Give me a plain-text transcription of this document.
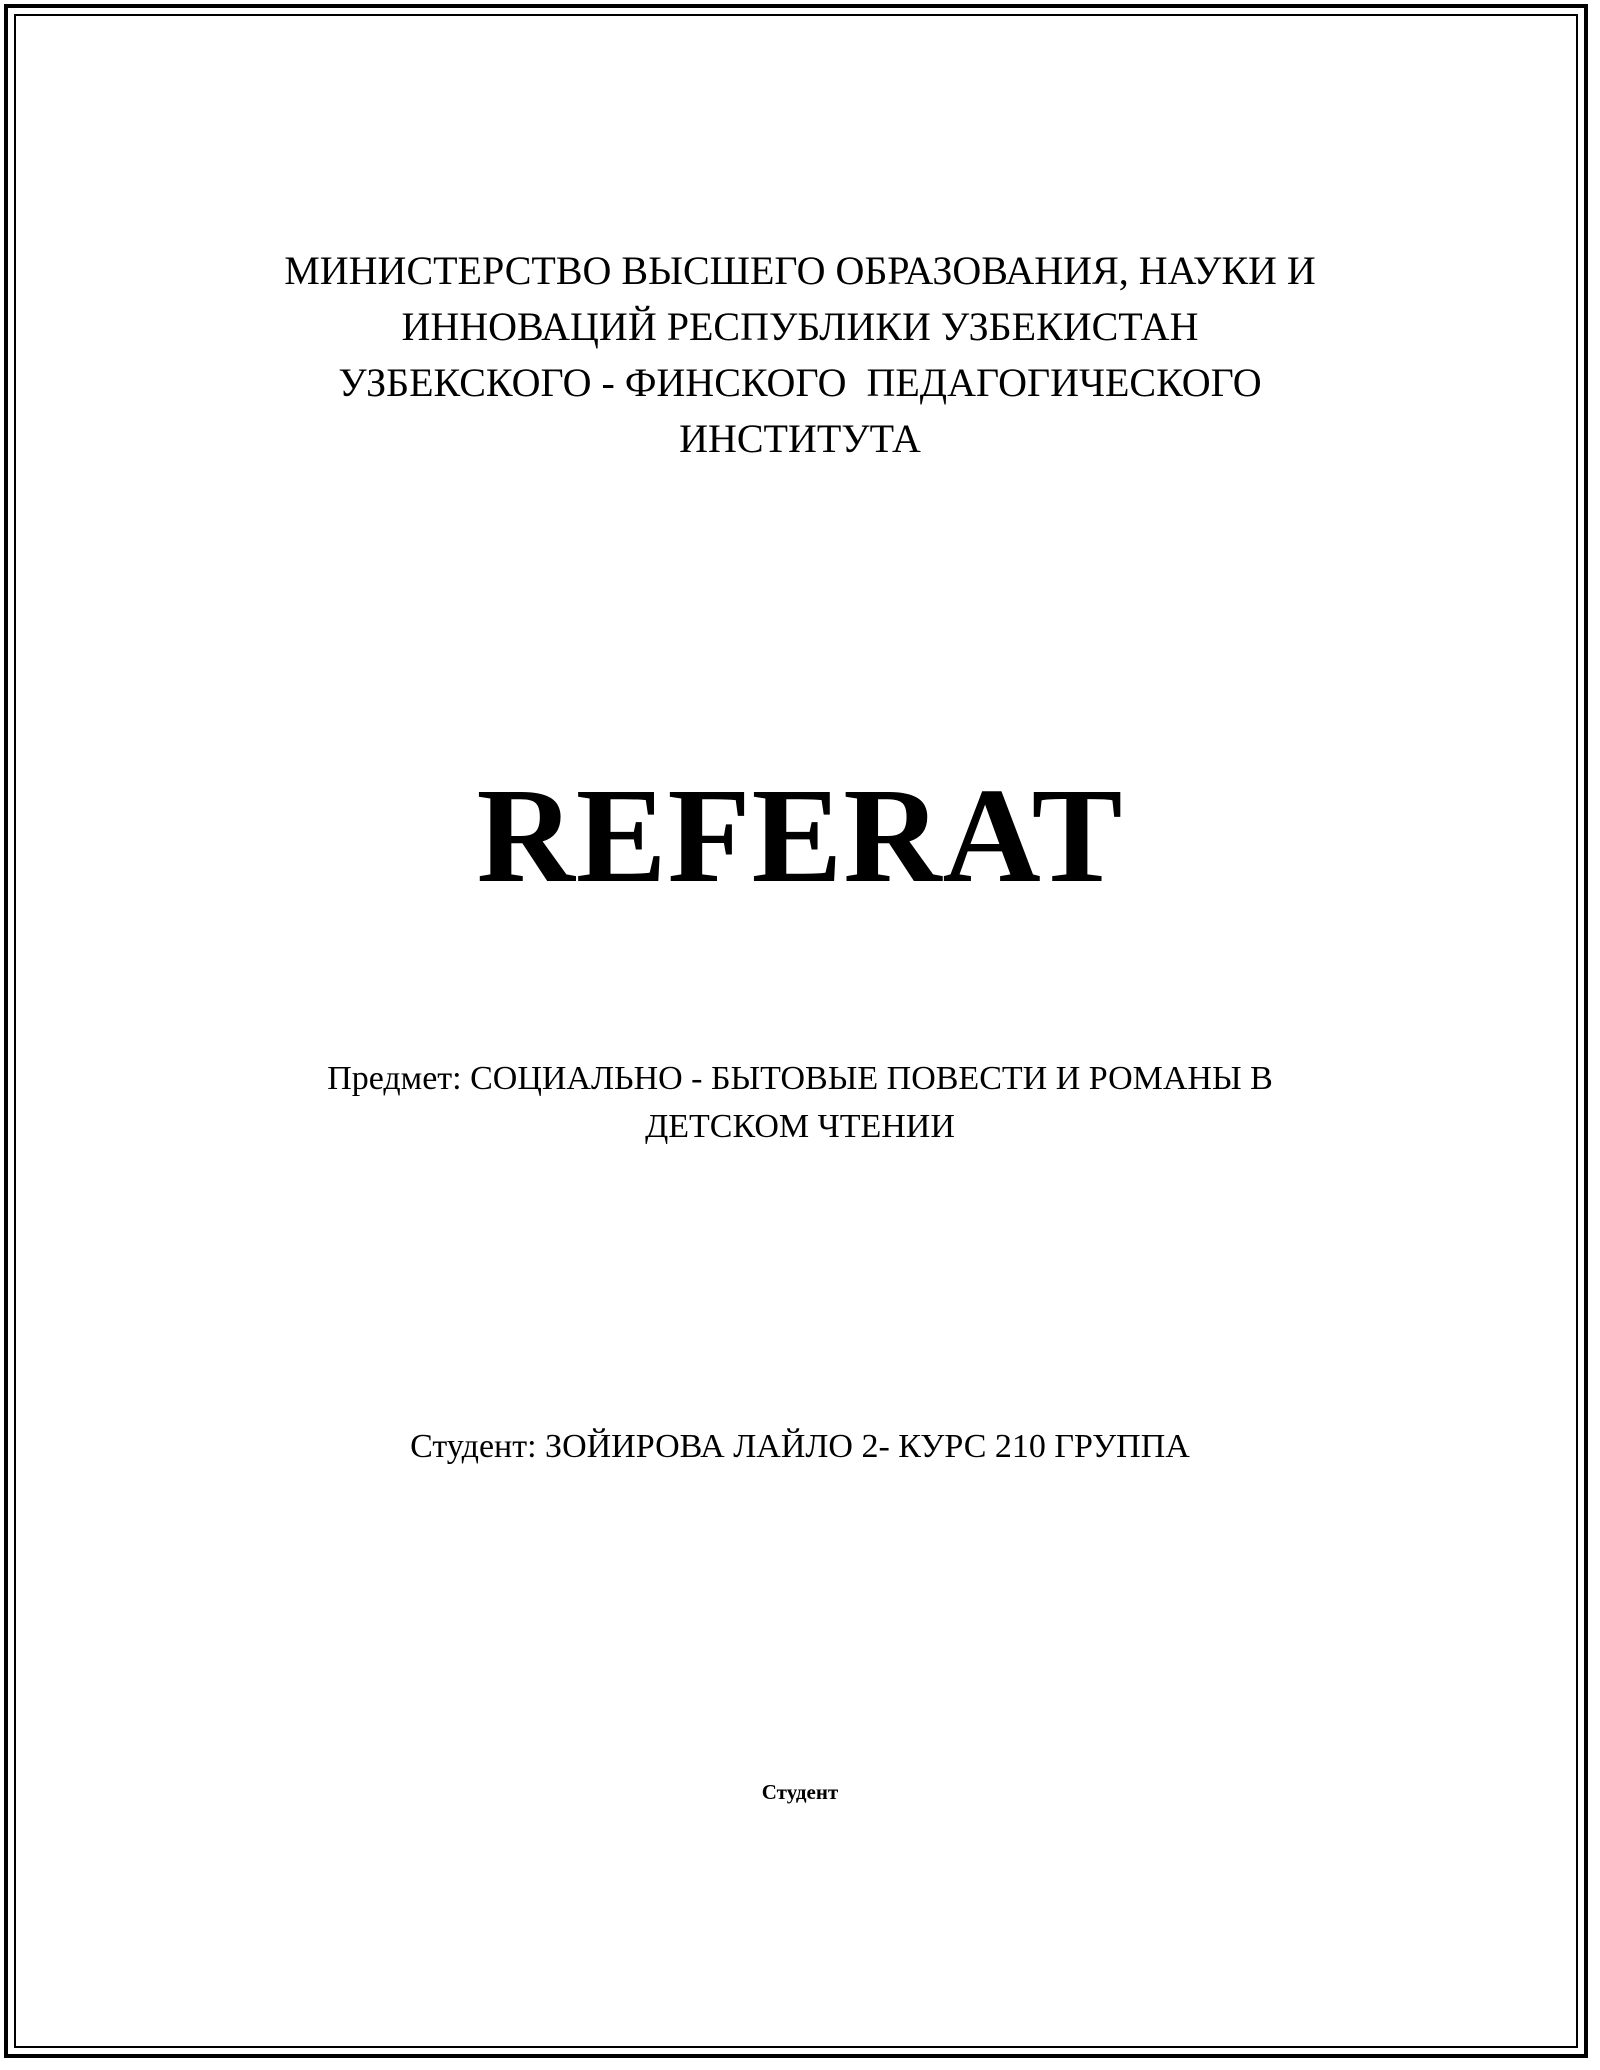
МИНИСТЕРСТВО ВЫСШЕГО ОБРАЗОВАНИЯ, НАУКИ И
ИННОВАЦИЙ РЕСПУБЛИКИ УЗБЕКИСТАН
УЗБЕКСКОГО - ФИНСКОГО  ПЕДАГОГИЧЕСКОГО
ИНСТИТУТА
REFERAT
Предмет: СОЦИАЛЬНО - БЫТОВЫЕ ПОВЕСТИ И РОМАНЫ В
ДЕТСКОМ ЧТЕНИИ
Студент: ЗОЙИРОВА ЛАЙЛО 2- КУРС 210 ГРУППА
Студент
